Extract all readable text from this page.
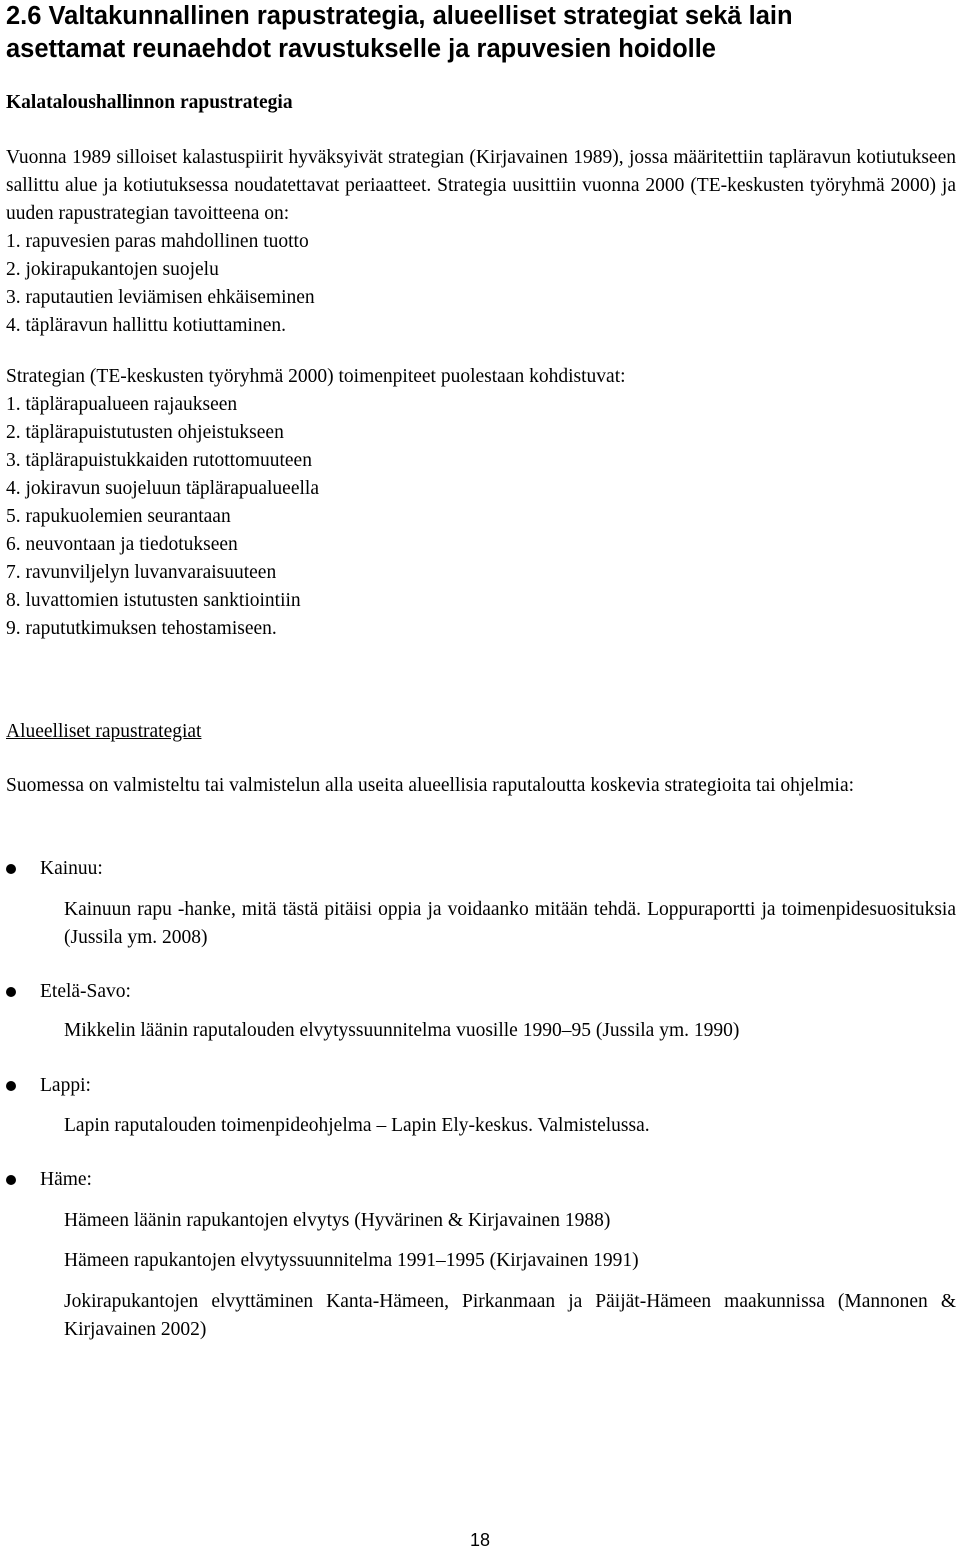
2.6 Valtakunnallinen rapustrategia, alueelliset strategiat sekä lain
asettamat reunaehdot ravustukselle ja rapuvesien hoidolle
Kalataloushallinnon rapustrategia

Vuonna 1989 silloiset kalastuspiirit hyväksyivät strategian (Kirjavainen 1989), jossa määritettiin tapläravun kotiutukseen sallittu alue ja kotiutuksessa noudatettavat periaatteet. Strategia uusittiin vuonna 2000 (TE-keskusten työryhmä 2000) ja uuden rapustrategian tavoitteena on:

1. rapuvesien paras mahdollinen tuotto
2. jokirapukantojen suojelu
3. raputautien leviämisen ehkäiseminen
4. täpläravun hallittu kotiuttaminen.

Strategian (TE-keskusten työryhmä 2000) toimenpiteet puolestaan kohdistuvat:

1. täplärapualueen rajaukseen
2. täplärapuistutusten ohjeistukseen
3. täplärapuistukkaiden rutottomuuteen
4. jokiravun suojeluun täplärapualueella
5. rapukuolemien seurantaan
6. neuvontaan ja tiedotukseen
7. ravunviljelyn luvanvaraisuuteen
8. luvattomien istutusten sanktiointiin
9. rapututkimuksen tehostamiseen.
Alueelliset rapustrategiat

Suomessa on valmisteltu tai valmistelun alla useita alueellisia raputaloutta koskevia strategioita tai ohjelmia:

Kainuu:

Kainuun rapu -hanke, mitä tästä pitäisi oppia ja voidaanko mitään tehdä. Loppuraportti ja toimenpidesuosituksia (Jussila ym. 2008)

Etelä-Savo:

Mikkelin läänin raputalouden elvytyssuunnitelma vuosille 1990–95 (Jussila ym. 1990)

Lappi:

Lapin raputalouden toimenpideohjelma – Lapin Ely-keskus. Valmistelussa.

Häme:

Hämeen läänin rapukantojen elvytys (Hyvärinen & Kirjavainen 1988)

Hämeen rapukantojen elvytyssuunnitelma 1991–1995 (Kirjavainen 1991)

Jokirapukantojen elvyttäminen Kanta-Hämeen, Pirkanmaan ja Päijät-Hämeen maakunnissa (Mannonen & Kirjavainen 2002)

18
